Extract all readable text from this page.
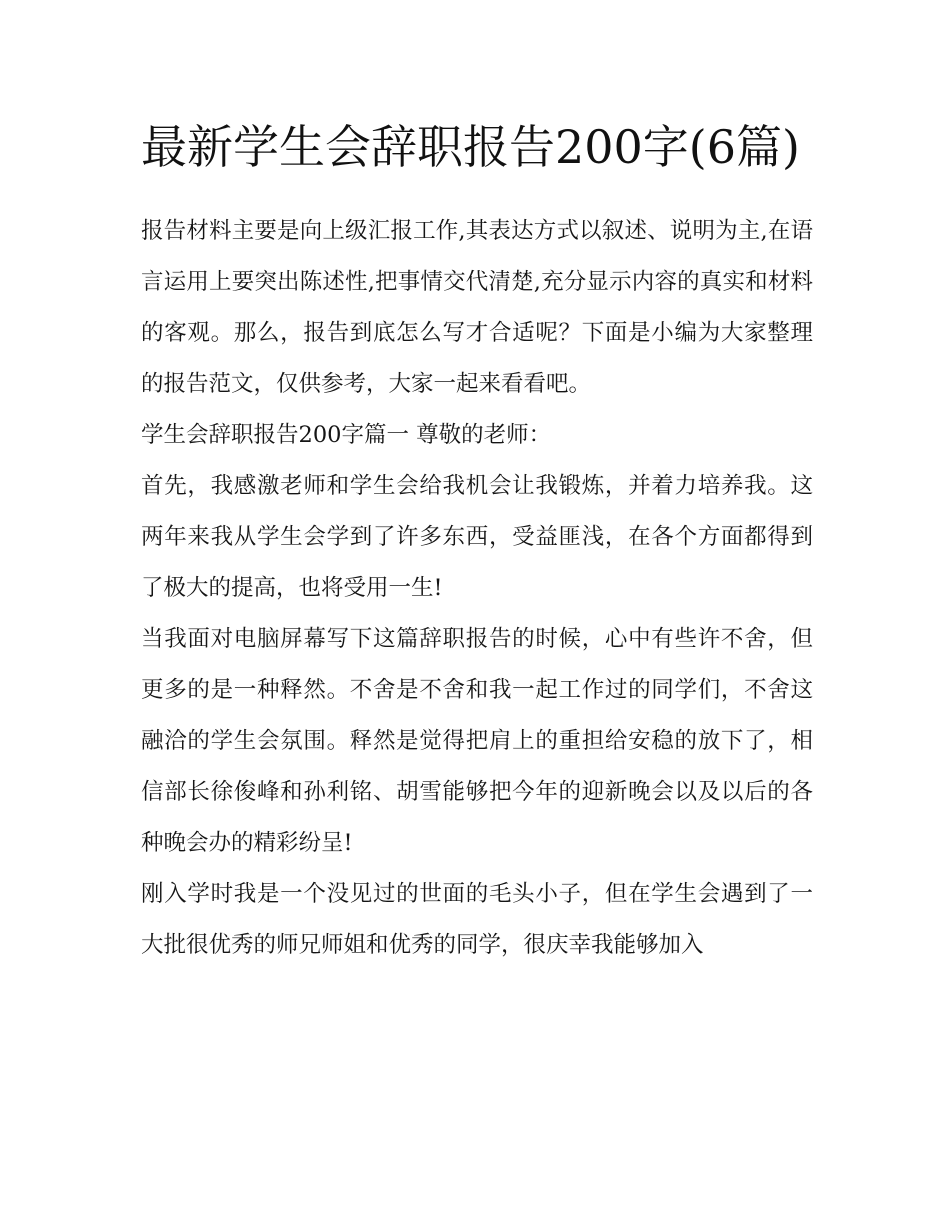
最新学生会辞职报告200字(6篇)

报告材料主要是向上级汇报工作,其表达方式以叙述、说明为主,在语言运用上要突出陈述性,把事情交代清楚,充分显示内容的真实和材料的客观。那么，报告到底怎么写才合适呢？下面是小编为大家整理的报告范文，仅供参考，大家一起来看看吧。

学生会辞职报告200字篇一 尊敬的老师：

首先，我感激老师和学生会给我机会让我锻炼，并着力培养我。这两年来我从学生会学到了许多东西，受益匪浅，在各个方面都得到了极大的提高，也将受用一生!

当我面对电脑屏幕写下这篇辞职报告的时候，心中有些许不舍，但更多的是一种释然。不舍是不舍和我一起工作过的同学们，不舍这融洽的学生会氛围。释然是觉得把肩上的重担给安稳的放下了，相信部长徐俊峰和孙利铭、胡雪能够把今年的迎新晚会以及以后的各种晚会办的精彩纷呈!

刚入学时我是一个没见过的世面的毛头小子，但在学生会遇到了一大批很优秀的师兄师姐和优秀的同学，很庆幸我能够加入
